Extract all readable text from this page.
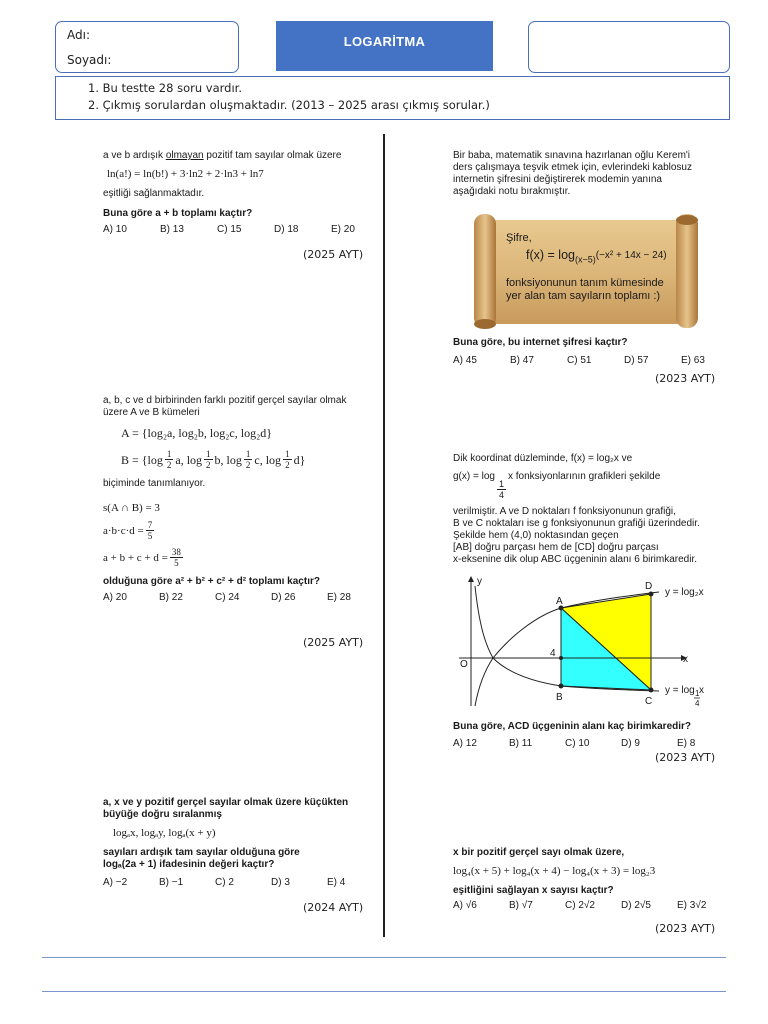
Adı:
Soyadı:
LOGARİTMA
1. Bu testte 28 soru vardır.
2. Çıkmış sorulardan oluşmaktadır. (2013 – 2025 arası çıkmış sorular.)
a ve b ardışık olmayan pozitif tam sayılar olmak üzere
ln(a!) = ln(b!) + 3·ln2 + 2·ln3 + ln7
eşitliği sağlanmaktadır.
Buna göre a + b toplamı kaçtır?
A) 10	B) 13	C) 15	D) 18	E) 20
(2025 AYT)
a, b, c ve d birbirinden farklı pozitif gerçel sayılar olmak
üzere A ve B kümeleri
A = {log₂a, log₂b, log₂c, log₂d}
B = { $\log \frac{1}{2} a$, $\log \frac{1}{2} b$, $\log \frac{1}{2} c$, $\log \frac{1}{2} d$}
biçiminde tanımlanıyor.
s(A ∩ B) = 3
$a\cdot b\cdot c\cdot d = \frac{7}{5}$
$a + b + c + d = \frac{38}{5}$
olduğuna göre a² + b² + c² + d² toplamı kaçtır?
A) 20	B) 22	C) 24	D) 26	E) 28
(2025 AYT)
a, x ve y pozitif gerçel sayılar olmak üzere küçükten
büyüğe doğru sıralanmış
logₐx, logₐy, logₐ(x + y)
sayıları ardışık tam sayılar olduğuna göre
logₐ(2a + 1) ifadesinin değeri kaçtır?
A) −2	B) −1	C) 2	D) 3	E) 4
(2024 AYT)
Bir baba, matematik sınavına hazırlanan oğlu Kerem'i
ders çalışmaya teşvik etmek için, evlerindeki kablosuz
internetin şifresini değiştirerek modemin yanına
aşağıdaki notu bırakmıştır.
Şifre,
$f(x) = \log_{(x-5)}(-x^2 + 14x - 24)$
fonksiyonunun tanım kümesinde
yer alan tam sayıların toplamı :)
Buna göre, bu internet şifresi kaçtır?
A) 45	B) 47	C) 51	D) 57	E) 63
(2023 AYT)
Dik koordinat düzleminde, f(x) = log₂x ve
g(x) = log
$\frac{1}{4}$
x fonksiyonlarının grafikleri şekilde
verilmiştir. A ve D noktaları f fonksiyonunun grafiği,
B ve C noktaları ise g fonksiyonunun grafiği üzerindedir.
Şekilde hem (4,0) noktasından geçen
[AB] doğru parçası hem de [CD] doğru parçası
x-eksenine dik olup ABC üçgeninin alanı 6 birimkaredir.
y
x
O
4
A
B	C
D
y = log₂x
y = log 1
4
x
Buna göre, ACD üçgeninin alanı kaç birimkaredir?
A) 12	B) 11	C) 10	D) 9	E) 8
(2023 AYT)
x bir pozitif gerçel sayı olmak üzere,
log₄(x + 5) + log₄(x + 4) − log₄(x + 3) = log₂3
eşitliğini sağlayan x sayısı kaçtır?
A) √6	B) √7	C) 2√2	D) 2√5	E) 3√2
(2023 AYT)
